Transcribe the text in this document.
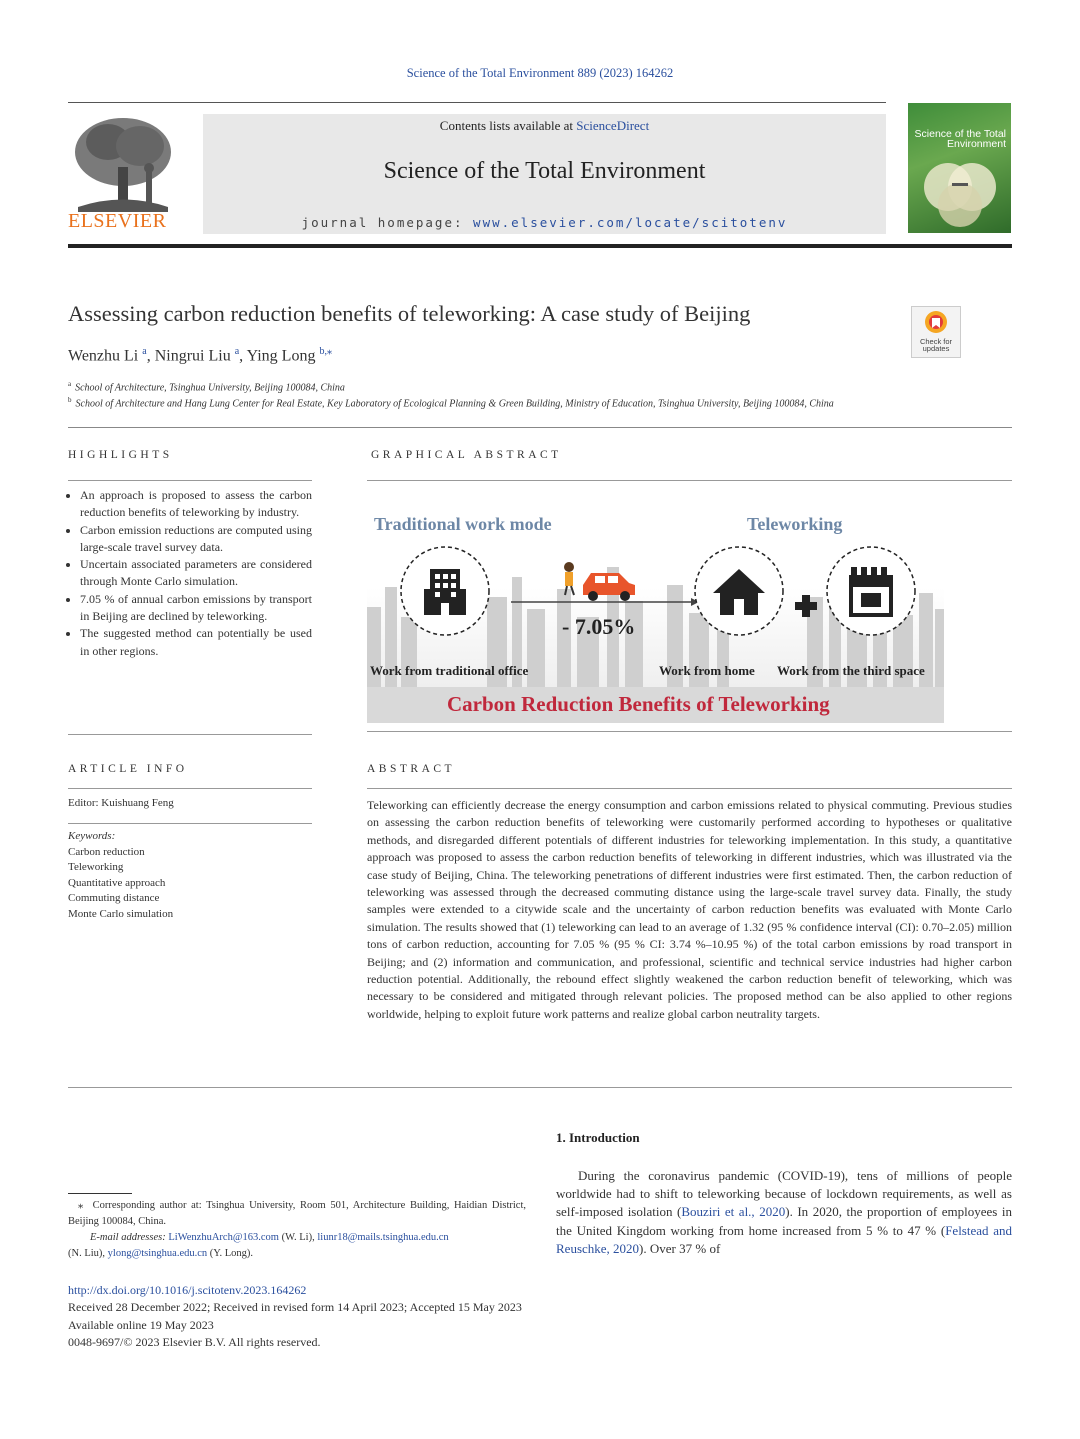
Science of the Total Environment 889 (2023) 164262
ELSEVIER
Contents lists available at ScienceDirect
Science of the Total Environment
journal homepage: www.elsevier.com/locate/scitotenv
Science of the Total Environment
Assessing carbon reduction benefits of teleworking: A case study of Beijing
Check for updates
Wenzhu Li $^a$, Ningrui Liu $^a$, Ying Long $^{b,⁎}$
$^a$ School of Architecture, Tsinghua University, Beijing 100084, China
$^b$ School of Architecture and Hang Lung Center for Real Estate, Key Laboratory of Ecological Planning & Green Building, Ministry of Education, Tsinghua University, Beijing 100084, China
HIGHLIGHTS
• An approach is proposed to assess the carbon reduction benefits of teleworking by industry.
• Carbon emission reductions are computed using large-scale travel survey data.
• Uncertain associated parameters are considered through Monte Carlo simulation.
• 7.05 % of annual carbon emissions by transport in Beijing are declined by teleworking.
• The suggested method can potentially be used in other regions.
GRAPHICAL ABSTRACT
Traditional work mode	Teleworking
- 7.05%
Work from traditional office	Work from home Work from the third space
Carbon Reduction Benefits of Teleworking
ARTICLE INFO
Editor: Kuishuang Feng
Keywords:
Carbon reduction
Teleworking
Quantitative approach
Commuting distance
Monte Carlo simulation
ABSTRACT
Teleworking can efficiently decrease the energy consumption and carbon emissions related to physical commuting. Previous studies on assessing the carbon reduction benefits of teleworking were customarily performed according to hypotheses or qualitative methods, and disregarded different potentials of different industries for teleworking implementation. In this study, a quantitative approach was proposed to assess the carbon reduction benefits of teleworking in different industries, which was illustrated via the case study of Beijing, China. The teleworking penetrations of different industries were first estimated. Then, the carbon reduction of teleworking was assessed through the decreased commuting distance using the large-scale travel survey data. Finally, the study samples were extended to a citywide scale and the uncertainty of carbon reduction benefits was evaluated with Monte Carlo simulation. The results showed that (1) teleworking can lead to an average of 1.32 (95 % confidence interval (CI): 0.70–2.05) million tons of carbon reduction, accounting for 7.05 % (95 % CI: 3.74 %–10.95 %) of the total carbon emissions by road transport in Beijing; and (2) information and communication, and professional, scientific and technical service industries had higher carbon reduction potential. Additionally, the rebound effect slightly weakened the carbon reduction benefit of teleworking, which was necessary to be considered and mitigated through relevant policies. The proposed method can be also applied to other regions worldwide, helping to exploit future work patterns and realize global carbon neutrality targets.
1. Introduction
During the coronavirus pandemic (COVID-19), tens of millions of people worldwide had to shift to teleworking because of lockdown requirements, as well as self-imposed isolation (Bouziri et al., 2020). In 2020, the proportion of employees in the United Kingdom working from home increased from 5 % to 47 % (Felstead and Reuschke, 2020). Over 37 % of
⁎ Corresponding author at: Tsinghua University, Room 501, Architecture Building, Haidian District, Beijing 100084, China.
E-mail addresses: LiWenzhuArch@163.com (W. Li), liunr18@mails.tsinghua.edu.cn
(N. Liu), ylong@tsinghua.edu.cn (Y. Long).
http://dx.doi.org/10.1016/j.scitotenv.2023.164262
Received 28 December 2022; Received in revised form 14 April 2023; Accepted 15 May 2023
Available online 19 May 2023
0048-9697/© 2023 Elsevier B.V. All rights reserved.
